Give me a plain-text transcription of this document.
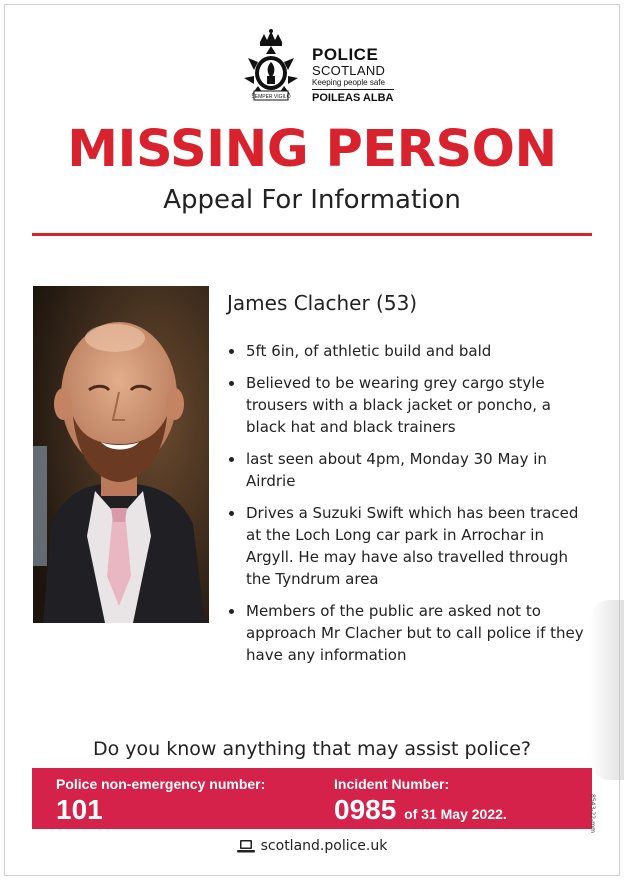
SEMPER VIGILO
POLICE
SCOTLAND
Keeping people safe
POILEAS ALBA
MISSING PERSON
Appeal For Information
James Clacher (53)
5ft 6in, of athletic build and bald
Believed to be wearing grey cargo style trousers with a black jacket or poncho, a black hat and black trainers
last seen about 4pm, Monday 30 May in Airdrie
Drives a Suzuki Swift which has been traced at the Loch Long car park in Arrochar in Argyll. He may have also travelled through the Tyndrum area
Members of the public are asked not to approach Mr Clacher but to call police if they have any information
Do you know anything that may assist police?
Police non-emergency number:
101
Incident Number:
0985 of 31 May 2022.
scotland.police.uk
8543-22-mm
